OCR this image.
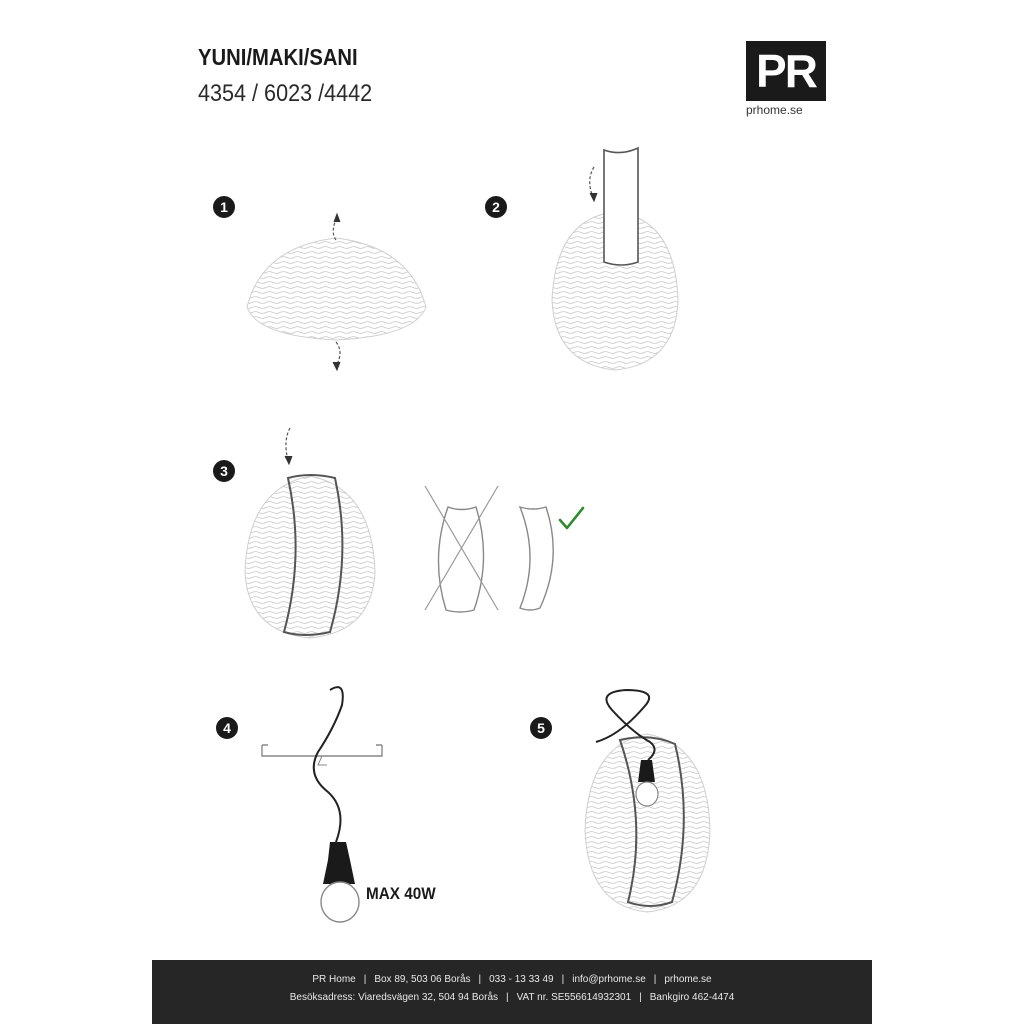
YUNI/MAKI/SANI
4354 / 6023 /4442	PR
prhome.se
1	2
3
4	5
MAX 40W
PR Home | Box 89, 503 06 Borås | 033 - 13 33 49 | info@prhome.se | prhome.se
Besöksadress: Viaredsvägen 32, 504 94 Borås | VAT nr. SE556614932301 | Bankgiro 462-4474
